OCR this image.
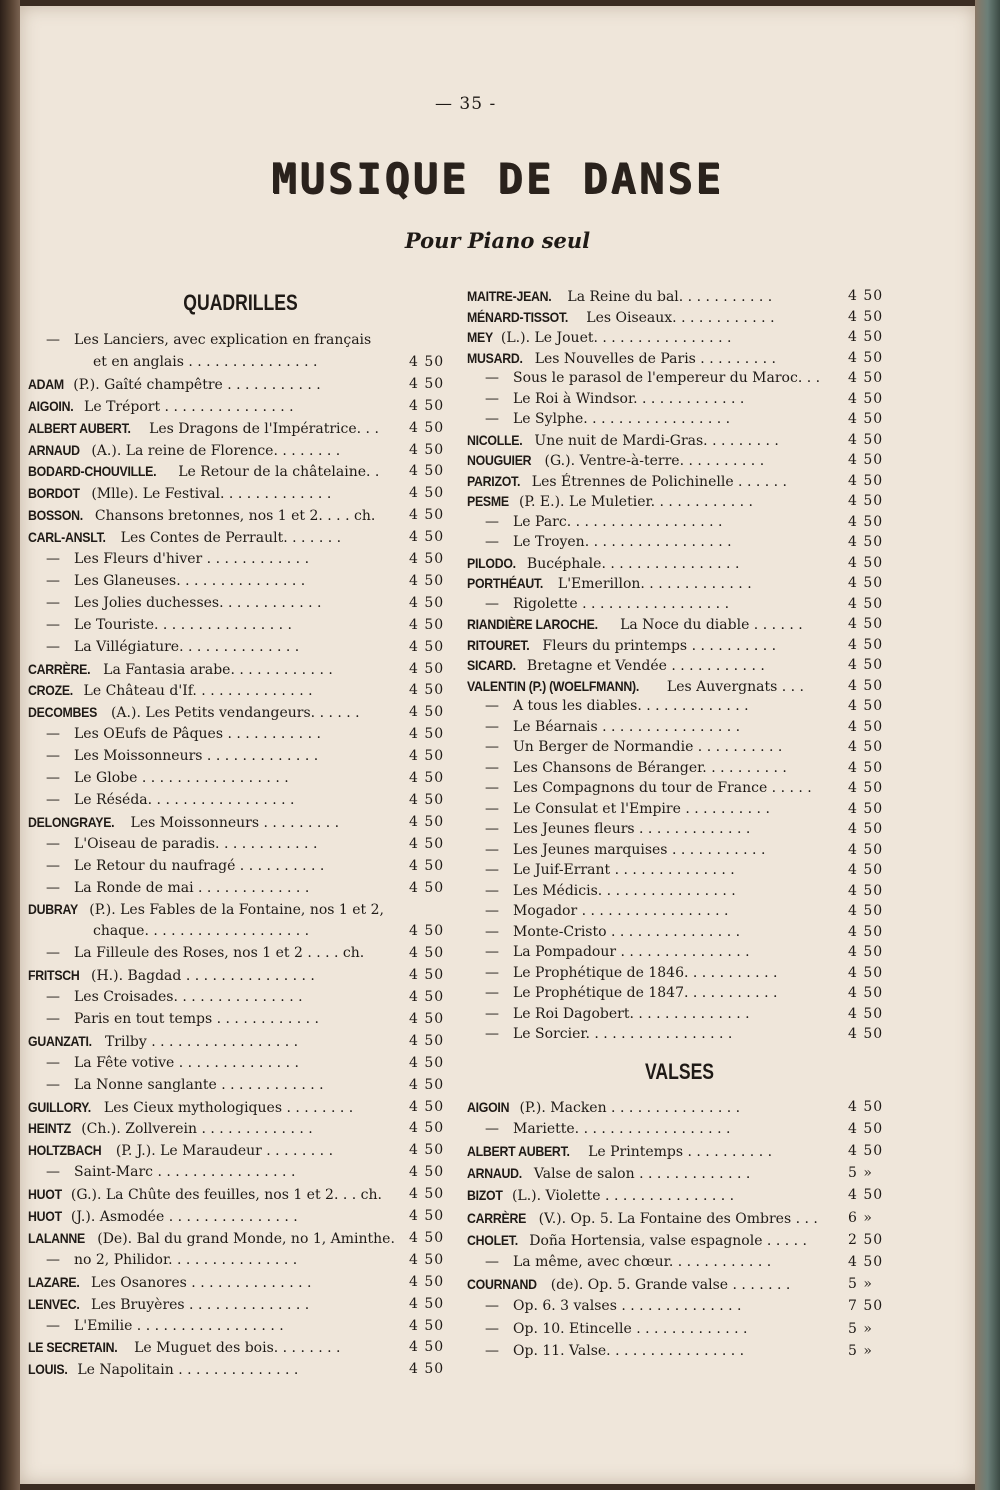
— 35 -
MUSIQUE DE DANSE
Pour Piano seul
QUADRILLES
— Les Lanciers, avec explication en français
et en anglais . . . . . . . . . . . . . . .	4 50
ADAM (P.). Gaîté champêtre . . . . . . . . . . .	4 50
AIGOIN. Le Tréport . . . . . . . . . . . . . . .	4 50
ALBERT AUBERT. Les Dragons de l'Impératrice. . . 4 50
ARNAUD (A.). La reine de Florence. . . . . . . .	4 50
BODARD-CHOUVILLE. Le Retour de la châtelaine. . 4 50
BORDOT (Mlle). Le Festival. . . . . . . . . . . . .	4 50
BOSSON. Chansons bretonnes, nos 1 et 2. . . . ch. 4 50
CARL-ANSLT. Les Contes de Perrault. . . . . . .	4 50
— Les Fleurs d'hiver . . . . . . . . . . . .	4 50
— Les Glaneuses. . . . . . . . . . . . . . .	4 50
— Les Jolies duchesses. . . . . . . . . . . .	4 50
— Le Touriste. . . . . . . . . . . . . . . .	4 50
— La Villégiature. . . . . . . . . . . . . .	4 50
CARRÈRE. La Fantasia arabe. . . . . . . . . . . .	4 50
CROZE. Le Château d'If. . . . . . . . . . . . . .	4 50
DECOMBES (A.). Les Petits vendangeurs. . . . . .	4 50
— Les OEufs de Pâques . . . . . . . . . . .	4 50
— Les Moissonneurs . . . . . . . . . . . . .	4 50
— Le Globe . . . . . . . . . . . . . . . . .	4 50
— Le Réséda. . . . . . . . . . . . . . . . .	4 50
DELONGRAYE. Les Moissonneurs . . . . . . . . .	4 50
— L'Oiseau de paradis. . . . . . . . . . . .	4 50
— Le Retour du naufragé . . . . . . . . . .	4 50
— La Ronde de mai . . . . . . . . . . . . .	4 50
DUBRAY (P.). Les Fables de la Fontaine, nos 1 et 2,
chaque. . . . . . . . . . . . . . . . . . .	4 50
— La Filleule des Roses, nos 1 et 2 . . . . ch.	4 50
FRITSCH (H.). Bagdad . . . . . . . . . . . . . . .	4 50
— Les Croisades. . . . . . . . . . . . . . .	4 50
— Paris en tout temps . . . . . . . . . . . .	4 50
GUANZATI. Trilby . . . . . . . . . . . . . . . . .	4 50
— La Fête votive . . . . . . . . . . . . . .	4 50
— La Nonne sanglante . . . . . . . . . . . .	4 50
GUILLORY. Les Cieux mythologiques . . . . . . . .	4 50
HEINTZ (Ch.). Zollverein . . . . . . . . . . . . .	4 50
HOLTZBACH (P. J.). Le Maraudeur . . . . . . . .	4 50
— Saint-Marc . . . . . . . . . . . . . . . .	4 50
HUOT (G.). La Chûte des feuilles, nos 1 et 2. . . ch. 4 50
HUOT (J.). Asmodée . . . . . . . . . . . . . . .	4 50
LALANNE (De). Bal du grand Monde, no 1, Aminthe. 4 50
— no 2, Philidor. . . . . . . . . . . . . . .	4 50
LAZARE. Les Osanores . . . . . . . . . . . . . .	4 50
LENVEC. Les Bruyères . . . . . . . . . . . . . .	4 50
— L'Emilie . . . . . . . . . . . . . . . . .	4 50
LE SECRETAIN. Le Muguet des bois. . . . . . . .	4 50
LOUIS. Le Napolitain . . . . . . . . . . . . . .	4 50
VALSES
MAITRE-JEAN. La Reine du bal. . . . . . . . . . .	4 50
MÉNARD-TISSOT. Les Oiseaux. . . . . . . . . . . .	4 50
MEY (L.). Le Jouet. . . . . . . . . . . . . . . .	4 50
MUSARD. Les Nouvelles de Paris . . . . . . . . .	4 50
— Sous le parasol de l'empereur du Maroc. . . 4 50
— Le Roi à Windsor. . . . . . . . . . . . .	4 50
— Le Sylphe. . . . . . . . . . . . . . . . .	4 50
NICOLLE. Une nuit de Mardi-Gras. . . . . . . . .	4 50
NOUGUIER (G.). Ventre-à-terre. . . . . . . . . .	4 50
PARIZOT. Les Étrennes de Polichinelle . . . . . .	4 50
PESME (P. E.). Le Muletier. . . . . . . . . . . .	4 50
— Le Parc. . . . . . . . . . . . . . . . . .	4 50
— Le Troyen. . . . . . . . . . . . . . . . .	4 50
PILODO. Bucéphale. . . . . . . . . . . . . . . .	4 50
PORTHÉAUT. L'Emerillon. . . . . . . . . . . . .	4 50
— Rigolette . . . . . . . . . . . . . . . . .	4 50
RIANDIÈRE LAROCHE. La Noce du diable . . . . . .	4 50
RITOURET. Fleurs du printemps . . . . . . . . . .	4 50
SICARD. Bretagne et Vendée . . . . . . . . . . .	4 50
VALENTIN (P.) (WOELFMANN). Les Auvergnats . . .	4 50
— A tous les diables. . . . . . . . . . . . .	4 50
— Le Béarnais . . . . . . . . . . . . . . . .	4 50
— Un Berger de Normandie . . . . . . . . . .	4 50
— Les Chansons de Béranger. . . . . . . . . .	4 50
— Les Compagnons du tour de France . . . . .	4 50
— Le Consulat et l'Empire . . . . . . . . . .	4 50
— Les Jeunes fleurs . . . . . . . . . . . . .	4 50
— Les Jeunes marquises . . . . . . . . . . .	4 50
— Le Juif-Errant . . . . . . . . . . . . . .	4 50
— Les Médicis. . . . . . . . . . . . . . . .	4 50
— Mogador . . . . . . . . . . . . . . . . .	4 50
— Monte-Cristo . . . . . . . . . . . . . . .	4 50
— La Pompadour . . . . . . . . . . . . . . .	4 50
— Le Prophétique de 1846. . . . . . . . . . .	4 50
— Le Prophétique de 1847. . . . . . . . . . .	4 50
— Le Roi Dagobert. . . . . . . . . . . . . .	4 50
— Le Sorcier. . . . . . . . . . . . . . . . .	4 50
AIGOIN (P.). Macken . . . . . . . . . . . . . . .	4 50
— Mariette. . . . . . . . . . . . . . . . . .	4 50
ALBERT AUBERT. Le Printemps . . . . . . . . . .	4 50
ARNAUD. Valse de salon . . . . . . . . . . . . .	5 »
BIZOT (L.). Violette . . . . . . . . . . . . . . .	4 50
CARRÈRE (V.). Op. 5. La Fontaine des Ombres . . . 6 »
CHOLET. Doña Hortensia, valse espagnole . . . . .	2 50
— La même, avec chœur. . . . . . . . . . . .	4 50
COURNAND (de). Op. 5. Grande valse . . . . . . .	5 »
— Op. 6. 3 valses . . . . . . . . . . . . . .	7 50
— Op. 10. Etincelle . . . . . . . . . . . . .	5 »
— Op. 11. Valse. . . . . . . . . . . . . . . .	5 »
